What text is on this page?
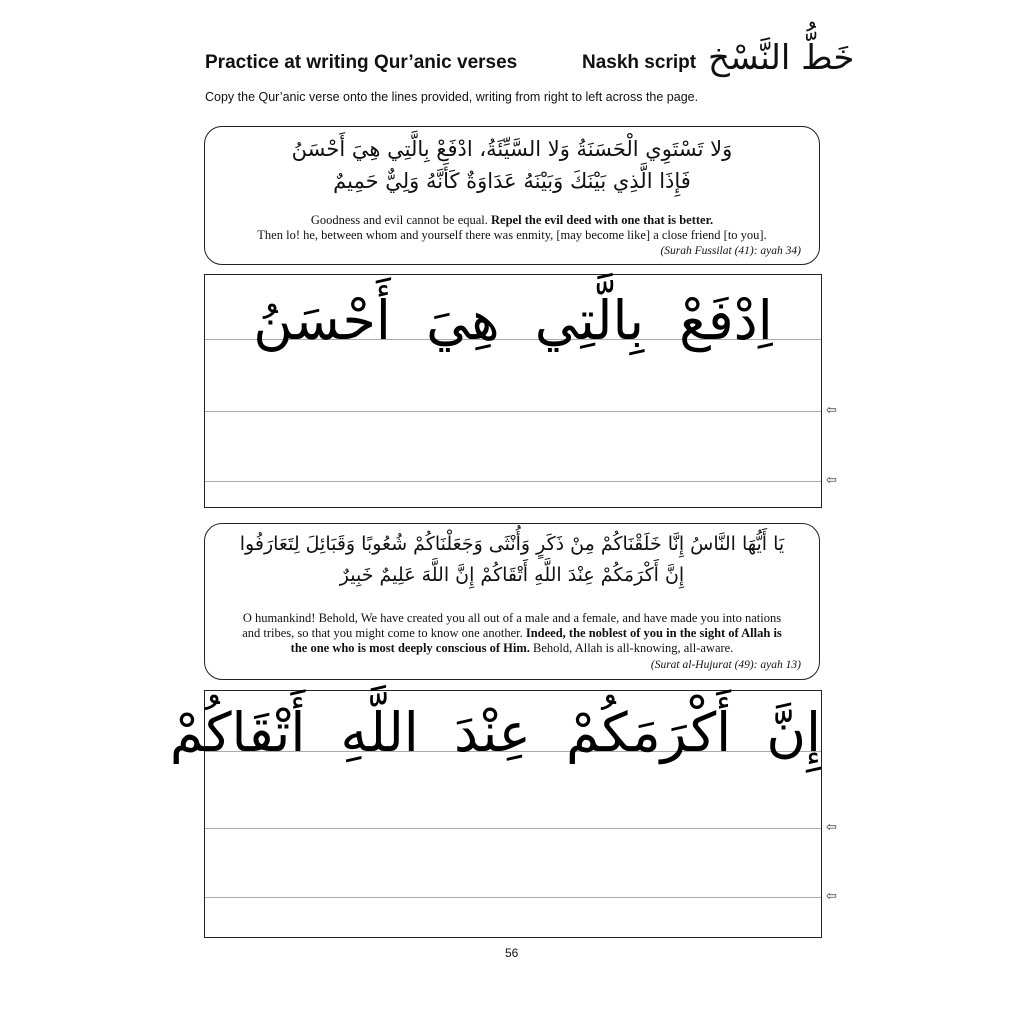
Practice at writing Qur’anic verses	Naskh script خَطُّ النَّسْخ
Copy the Qur’anic verse onto the lines provided, writing from right to left across the page.
وَلا تَسْتَوِي الْحَسَنَةُ وَلا السَّيِّئَةُ، ادْفَعْ بِالَّتِي هِيَ أَحْسَنُ
فَإِذَا الَّذِي بَيْنَكَ وَبَيْنَهُ عَدَاوَةٌ كَأَنَّهُ وَلِيٌّ حَمِيمٌ
Goodness and evil cannot be equal. Repel the evil deed with one that is better.
Then lo! he, between whom and yourself there was enmity, [may become like] a close friend [to you].
(Surah Fussilat (41): ayah 34)
اِدْفَعْ بِالَّتِي هِيَ أَحْسَنُ
⇦
⇦
يَا أَيُّهَا النَّاسُ إِنَّا خَلَقْنَاكُمْ مِنْ ذَكَرٍ وَأُنْثَى وَجَعَلْنَاكُمْ شُعُوبًا وَقَبَائِلَ لِتَعَارَفُوا
إِنَّ أَكْرَمَكُمْ عِنْدَ اللَّهِ أَتْقَاكُمْ إِنَّ اللَّهَ عَلِيمٌ خَبِيرٌ
O humankind! Behold, We have created you all out of a male and a female, and have made you into nations
and tribes, so that you might come to know one another. Indeed, the noblest of you in the sight of Allah is
the one who is most deeply conscious of Him. Behold, Allah is all-knowing, all-aware.
(Surat al-Hujurat (49): ayah 13)
إِنَّ أَكْرَمَكُمْ عِنْدَ اللَّهِ أَتْقَاكُمْ
⇦
⇦
56
